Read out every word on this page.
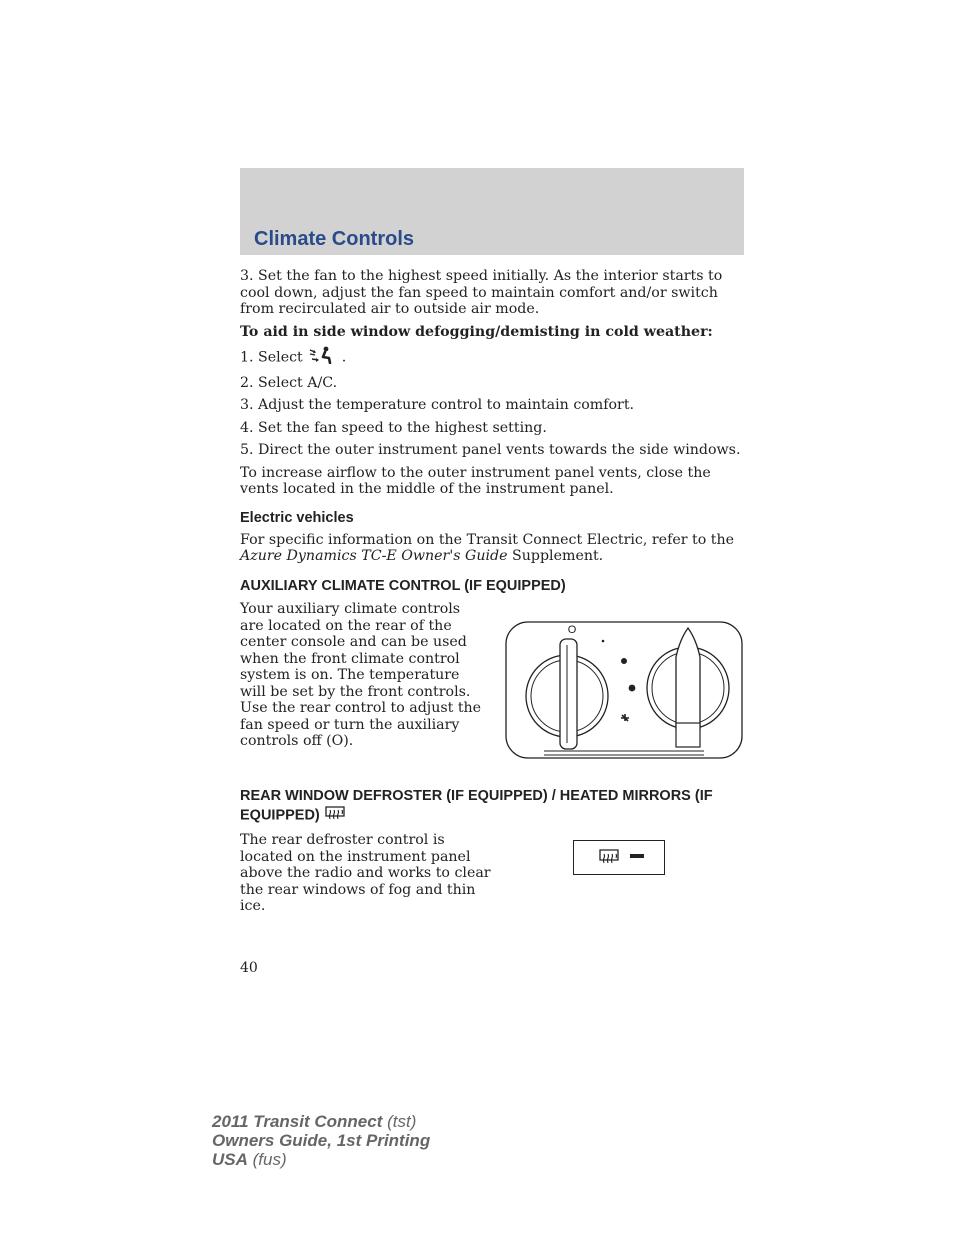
Climate Controls

3. Set the fan to the highest speed initially. As the interior starts to cool down, adjust the fan speed to maintain comfort and/or switch from recirculated air to outside air mode.

To aid in side window defogging/demisting in cold weather:

1. Select	.

2. Select A/C.

3. Adjust the temperature control to maintain comfort.

4. Set the fan speed to the highest setting.

5. Direct the outer instrument panel vents towards the side windows.

To increase airflow to the outer instrument panel vents, close the vents located in the middle of the instrument panel.

Electric vehicles

For specific information on the Transit Connect Electric, refer to the Azure Dynamics TC-E Owner's Guide Supplement.

AUXILIARY CLIMATE CONTROL (IF EQUIPPED)

Your auxiliary climate controls are located on the rear of the center console and can be used when the front climate control system is on. The temperature will be set by the front controls. Use the rear control to adjust the fan speed or turn the auxiliary controls off (O).

O
REAR WINDOW DEFROSTER (IF EQUIPPED) / HEATED MIRRORS (IF EQUIPPED)

The rear defroster control is located on the instrument panel above the radio and works to clear the rear windows of fog and thin ice.

40
2011 Transit Connect (tst)
Owners Guide, 1st Printing
USA (fus)
